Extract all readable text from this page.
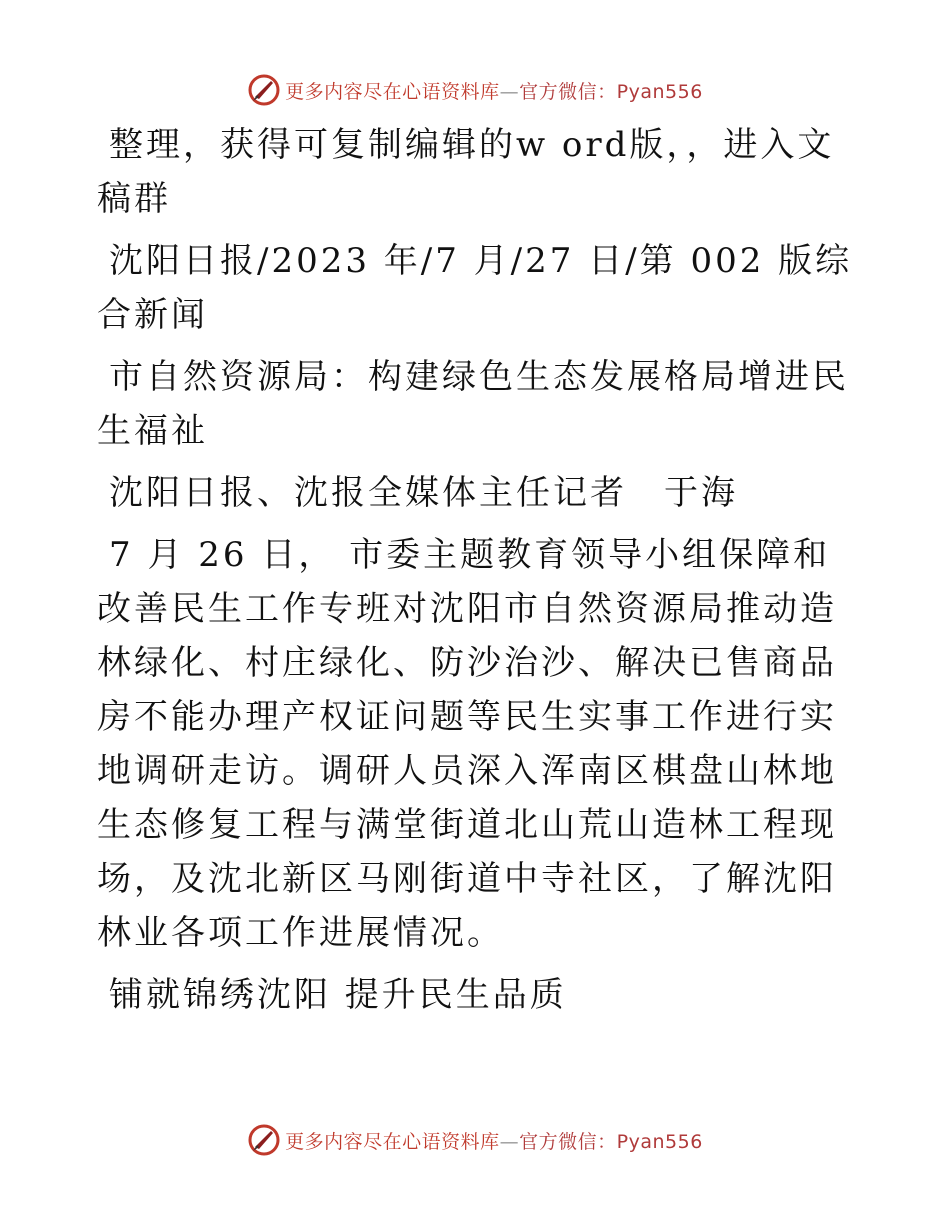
更多内容尽在心语资料库—官方微信：Pyan556

整理，获得可复制编辑的w ord版，，进入文稿群

沈阳日报/2023 年/7 月/27 日/第 002 版综合新闻

市自然资源局：构建绿色生态发展格局增进民生福祉

沈阳日报、沈报全媒体主任记者　于海

7 月 26 日， 市委主题教育领导小组保障和改善民生工作专班对沈阳市自然资源局推动造林绿化、村庄绿化、防沙治沙、解决已售商品房不能办理产权证问题等民生实事工作进行实地调研走访。调研人员深入浑南区棋盘山林地生态修复工程与满堂街道北山荒山造林工程现场，及沈北新区马刚街道中寺社区，了解沈阳林业各项工作进展情况。

铺就锦绣沈阳 提升民生品质

更多内容尽在心语资料库—官方微信：Pyan556
